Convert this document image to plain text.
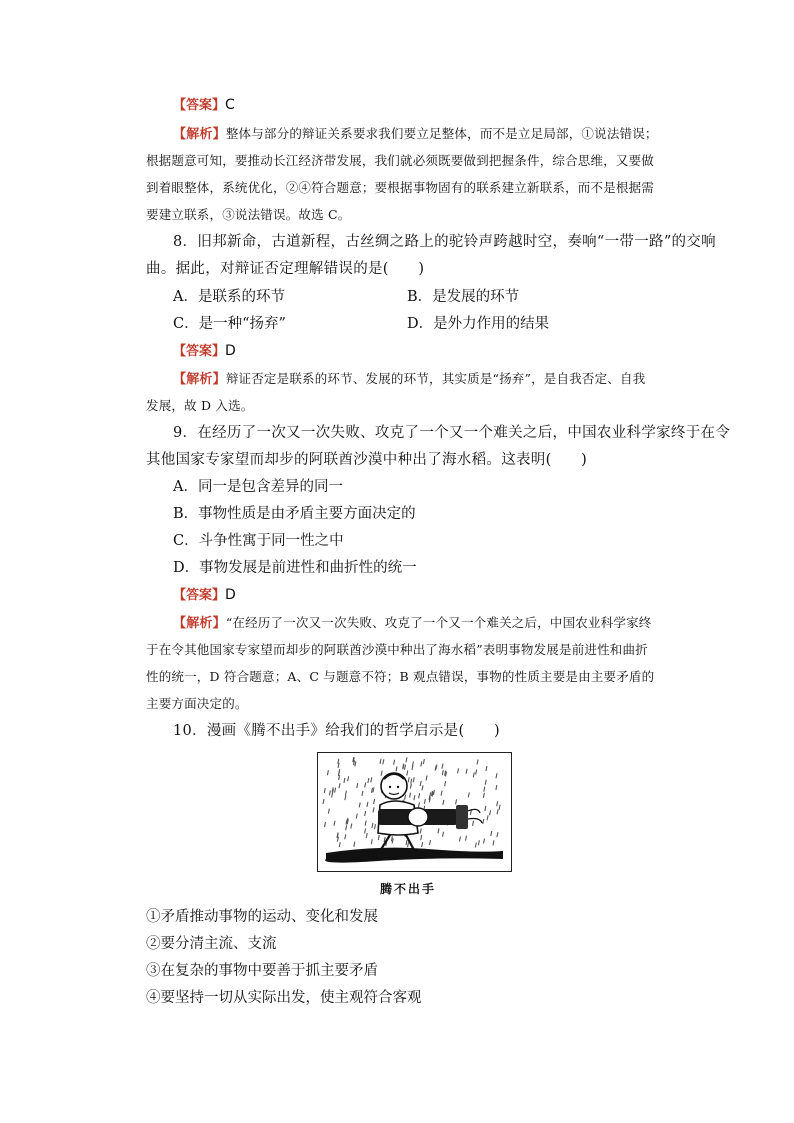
【答案】C
【解析】整体与部分的辩证关系要求我们要立足整体，而不是立足局部，①说法错误；
根据题意可知，要推动长江经济带发展，我们就必须既要做到把握条件，综合思维，又要做
到着眼整体，系统优化，②④符合题意；要根据事物固有的联系建立新联系，而不是根据需
要建立联系，③说法错误。故选 C。
8．旧邦新命，古道新程，古丝绸之路上的驼铃声跨越时空，奏响“一带一路”的交响
曲。据此，对辩证否定理解错误的是(　　)
A．是联系的环节	B．是发展的环节
C．是一种“扬弃”	D．是外力作用的结果
【答案】D
【解析】辩证否定是联系的环节、发展的环节，其实质是“扬弃”，是自我否定、自我
发展，故 D 入选。
9．在经历了一次又一次失败、攻克了一个又一个难关之后，中国农业科学家终于在令
其他国家专家望而却步的阿联酋沙漠中种出了海水稻。这表明(　　)
A．同一是包含差异的同一
B．事物性质是由矛盾主要方面决定的
C．斗争性寓于同一性之中
D．事物发展是前进性和曲折性的统一
【答案】D
【解析】“在经历了一次又一次失败、攻克了一个又一个难关之后，中国农业科学家终
于在令其他国家专家望而却步的阿联酋沙漠中种出了海水稻”表明事物发展是前进性和曲折
性的统一，D 符合题意；A、C 与题意不符；B 观点错误，事物的性质主要是由主要矛盾的
主要方面决定的。
10．漫画《腾不出手》给我们的哲学启示是(　　)
腾不出手
①矛盾推动事物的运动、变化和发展
②要分清主流、支流
③在复杂的事物中要善于抓主要矛盾
④要坚持一切从实际出发，使主观符合客观
